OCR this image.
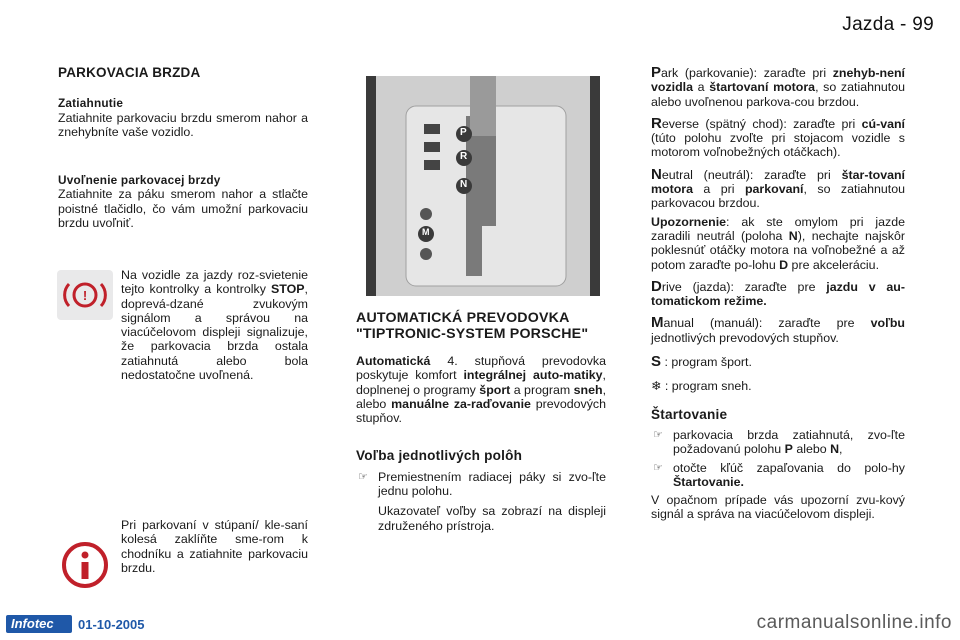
Jazda - 99

PARKOVACIA BRZDA

Zatiahnutie

Zatiahnite parkovaciu brzdu smerom nahor a znehybníte vaše vozidlo.

Uvoľnenie parkovacej brzdy

Zatiahnite za páku smerom nahor a stlačte poistné tlačidlo, čo vám umožní parkovaciu brzdu uvoľniť.

!

Na vozidle za jazdy roz-svietenie tejto kontrolky a kontrolky STOP, doprevá-dzané zvukovým signálom a správou na viacúčelovom displeji signalizuje, že parkovacia brzda ostala zatiahnutá alebo bola nedostatočne uvoľnená.

Pri parkovaní v stúpaní/ kle-saní kolesá zaklíňte sme-rom k chodníku a zatiahnite parkovaciu brzdu.

P
R
N
M

AUTOMATICKÁ PREVODOVKA "TIPTRONIC-SYSTEM PORSCHE"

Automatická 4. stupňová prevodovka poskytuje komfort integrálnej auto-matiky, doplnenej o programy šport a program sneh, alebo manuálne za-raďovanie prevodových stupňov.

Voľba jednotlivých polôh

☞ Premiestnením radiacej páky si zvo-ľte jednu polohu.

Ukazovateľ voľby sa zobrazí na displeji združeného prístroja.

Park (parkovanie): zaraďte pri znehyb-není vozidla a štartovaní motora, so zatiahnutou alebo uvoľnenou parkova-cou brzdou.

Reverse (spätný chod): zaraďte pri cú-vaní (túto polohu zvoľte pri stojacom vozidle s motorom voľnobežných otáčkach).

Neutral (neutrál): zaraďte pri štar-tovaní motora a pri parkovaní, so zatiahnutou parkovacou brzdou.

Upozornenie: ak ste omylom pri jazde zaradili neutrál (poloha N), nechajte najskôr poklesnúť otáčky motora na voľnobežné a až potom zaraďte po-lohu D pre akceleráciu.

Drive (jazda): zaraďte pre jazdu v au-tomatickom režime.

Manual (manuál): zaraďte pre voľbu jednotlivých prevodových stupňov.

S : program šport.

❄ : program sneh.

Štartovanie

☞ parkovacia brzda zatiahnutá, zvo-ľte požadovanú polohu P alebo N,

☞ otočte kľúč zapaľovania do polo-hy Štartovanie.

V opačnom prípade vás upozorní zvu-kový signál a správa na viacúčelovom displeji.

Infotec 01-10-2005	carmanualsonline.info
